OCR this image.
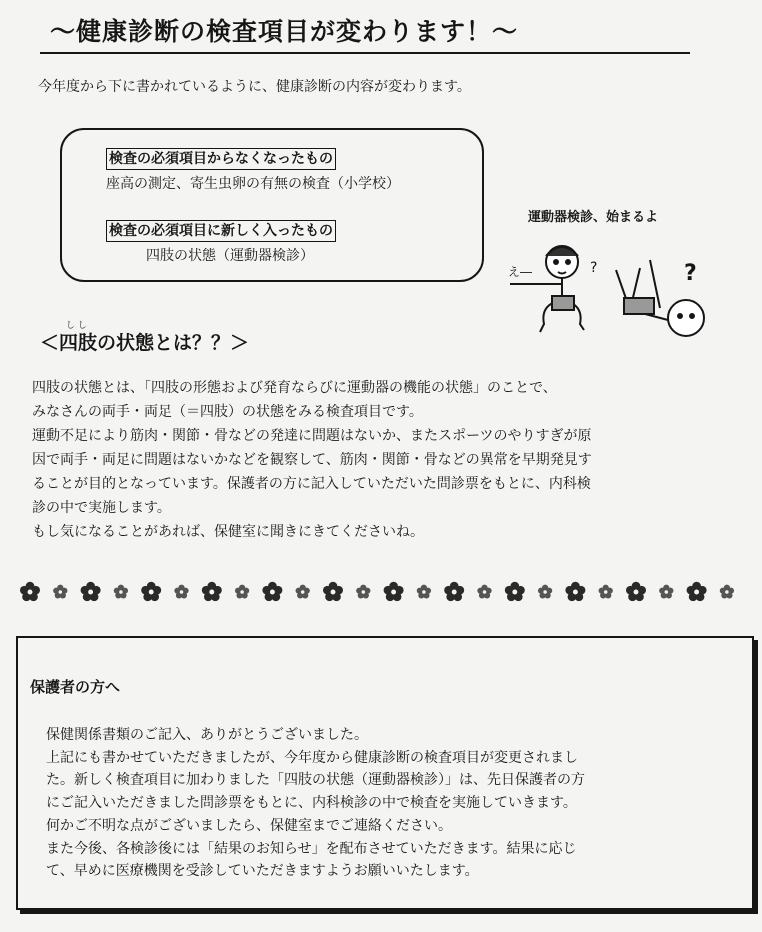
～健康診断の検査項目が変わります！～
今年度から下に書かれているように、健康診断の内容が変わります。
検査の必須項目からなくなったもの
座高の測定、寄生虫卵の有無の検査（小学校）
検査の必須項目に新しく入ったもの
四肢の状態（運動器検診）
運動器検診、始まるよ
え―	?	?
し し
＜四肢の状態とは？？＞

四肢の状態とは、「四肢の形態および発育ならびに運動器の機能の状態」のことで、

みなさんの両手・両足（＝四肢）の状態をみる検査項目です。

運動不足により筋肉・関節・骨などの発達に問題はないか、またスポーツのやりすぎが原

因で両手・両足に問題はないかなどを観察して、筋肉・関節・骨などの異常を早期発見す

ることが目的となっています。保護者の方に記入していただいた問診票をもとに、内科検

診の中で実施します。

もし気になることがあれば、保健室に聞きにきてくださいね。

保護者の方へ

保健関係書類のご記入、ありがとうございました。

上記にも書かせていただきましたが、今年度から健康診断の検査項目が変更されまし

た。新しく検査項目に加わりました「四肢の状態（運動器検診）」は、先日保護者の方

にご記入いただきました問診票をもとに、内科検診の中で検査を実施していきます。

何かご不明な点がございましたら、保健室までご連絡ください。

また今後、各検診後には「結果のお知らせ」を配布させていただきます。結果に応じ

て、早めに医療機関を受診していただきますようお願いいたします。
